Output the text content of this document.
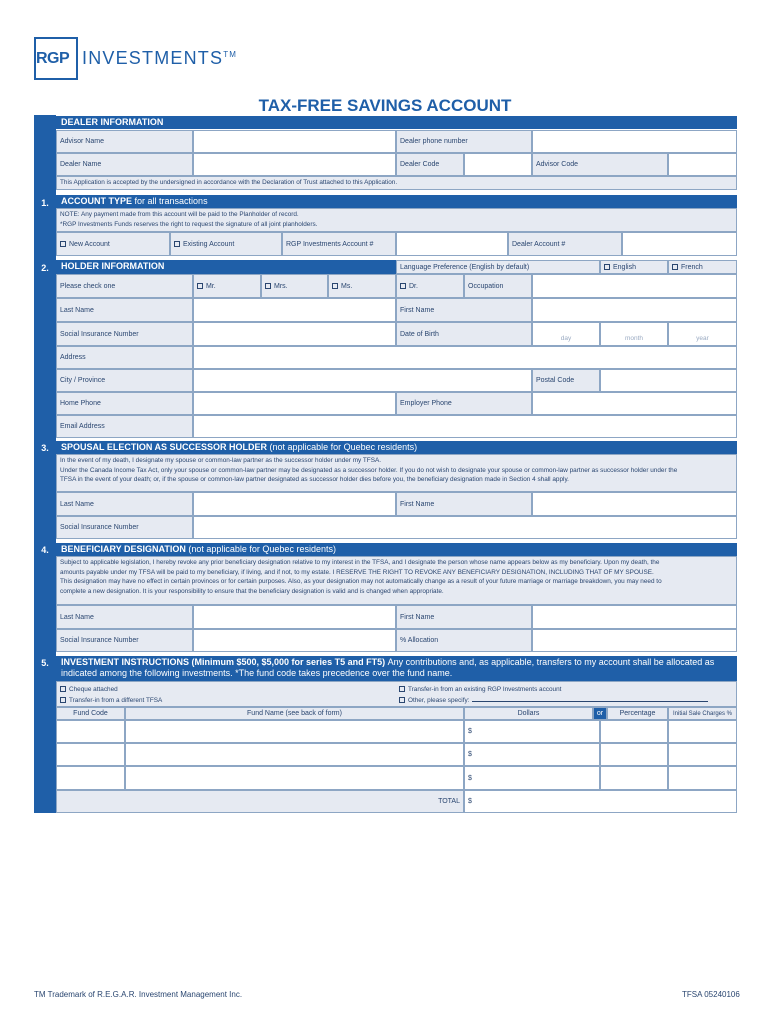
RGP INVESTMENTS™
TAX-FREE SAVINGS ACCOUNT
1.
2.
3.
4.
5.
DEALER INFORMATION
Advisor Name	Dealer phone number
Dealer Name	Dealer Code	Advisor Code
This Application is accepted by the undersigned in accordance with the Declaration of Trust attached to this Application.
ACCOUNT TYPE for all transactions
NOTE: Any payment made from this account will be paid to the Planholder of record.
*RGP Investments Funds reserves the right to request the signature of all joint planholders.
New Account	Existing Account	RGP Investments Account #	Dealer Account #
HOLDER INFORMATION	Language Preference (English by default)	English	French
Please check one	Mr.	Mrs.	Ms.	Dr.	Occupation
Last Name	First Name
Social Insurance Number	Date of Birth
day	month	year
Address
City / Province	Postal Code
Home Phone	Employer Phone
Email Address
SPOUSAL ELECTION AS SUCCESSOR HOLDER (not applicable for Quebec residents)
In the event of my death, I designate my spouse or common-law partner as the successor holder under my TFSA.
Under the Canada Income Tax Act, only your spouse or common-law partner may be designated as a successor holder. If you do not wish to designate your spouse or common-law partner as successor holder under the
TFSA in the event of your death; or, if the spouse or common-law partner designated as successor holder dies before you, the beneficiary designation made in Section 4 shall apply.
Last Name	First Name
Social Insurance Number
BENEFICIARY DESIGNATION (not applicable for Quebec residents)
Subject to applicable legislation, I hereby revoke any prior beneficiary designation relative to my interest in the TFSA, and I designate the person whose name appears below as my beneficiary. Upon my death, the
amounts payable under my TFSA will be paid to my beneficiary, if living, and if not, to my estate. I RESERVE THE RIGHT TO REVOKE ANY BENEFICIARY DESIGNATION, INCLUDING THAT OF MY SPOUSE.
This designation may have no effect in certain provinces or for certain purposes. Also, as your designation may not automatically change as a result of your future marriage or marriage breakdown, you may need to
complete a new designation. It is your responsibility to ensure that the beneficiary designation is valid and is changed when appropriate.
Last Name	First Name
Social Insurance Number	% Allocation
INVESTMENT INSTRUCTIONS (Minimum $500, $5,000 for series T5 and FT5) Any contributions and, as applicable, transfers to my account shall be allocated as indicated among the following investments. *The fund code takes precedence over the fund name.
Cheque attached
Transfer-in from a different TFSA
Transfer-in from an existing RGP Investments account
Other, please specify:
Fund Code	Fund Name (see back of form)	Dollars	or	Percentage	Initial Sale Charges %
$
$
$
TOTAL	$
TM Trademark of R.E.G.A.R. Investment Management Inc.	TFSA 05240106
